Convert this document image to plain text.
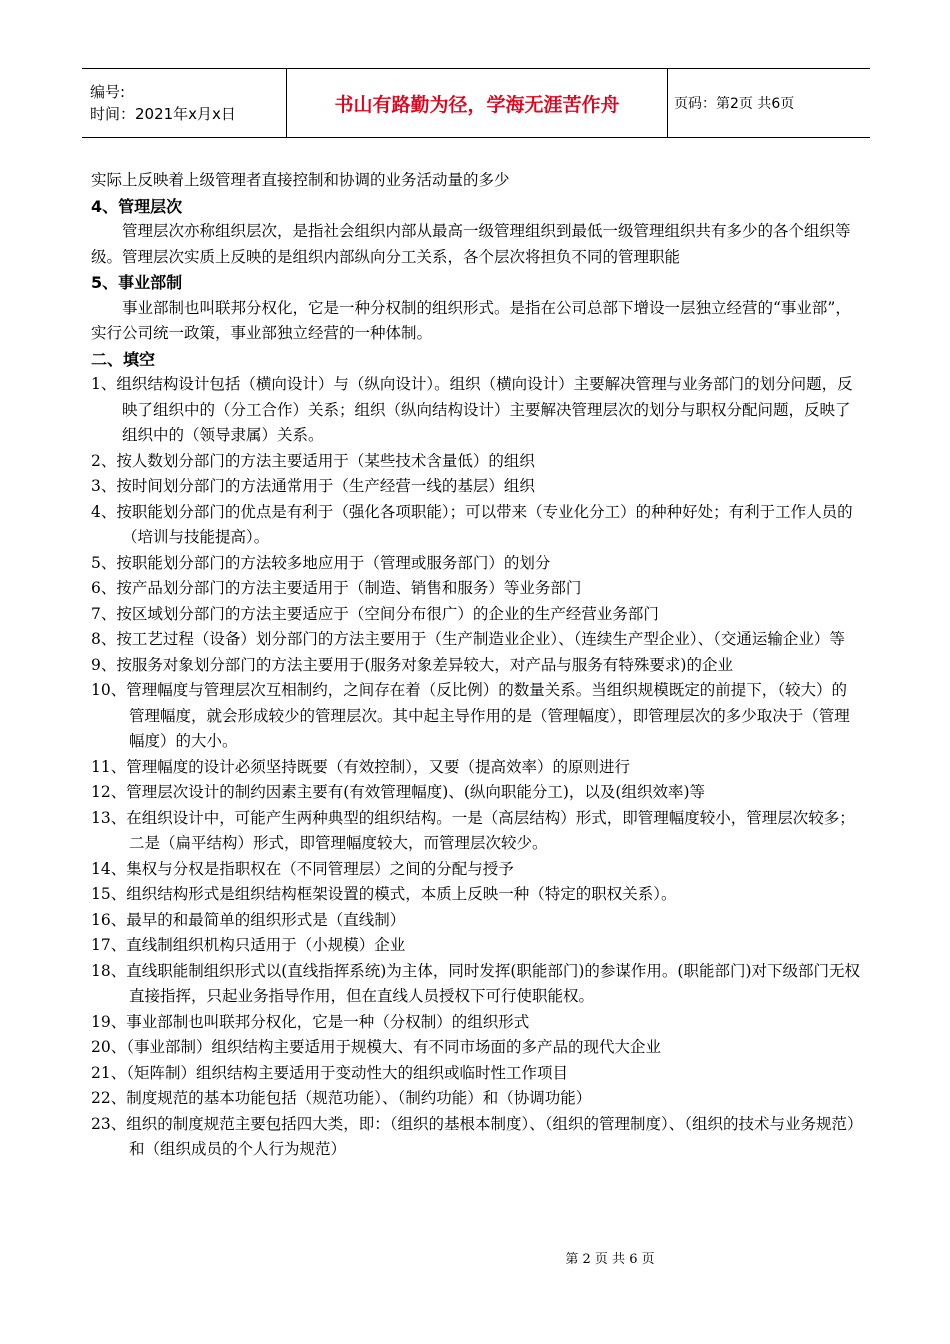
编号:
时间：2021年x月x日	书山有路勤为径，学海无涯苦作舟	页码：第2页 共6页

实际上反映着上级管理者直接控制和协调的业务活动量的多少

4、管理层次

管理层次亦称组织层次，是指社会组织内部从最高一级管理组织到最低一级管理组织共有多少的各个组织等级。管理层次实质上反映的是组织内部纵向分工关系，各个层次将担负不同的管理职能

5、事业部制

事业部制也叫联邦分权化，它是一种分权制的组织形式。是指在公司总部下增设一层独立经营的“事业部”，实行公司统一政策，事业部独立经营的一种体制。

二、填空

1、组织结构设计包括（横向设计）与（纵向设计）。组织（横向设计）主要解决管理与业务部门的划分问题，反映了组织中的（分工合作）关系；组织（纵向结构设计）主要解决管理层次的划分与职权分配问题，反映了组织中的（领导隶属）关系。

2、按人数划分部门的方法主要适用于（某些技术含量低）的组织

3、按时间划分部门的方法通常用于（生产经营一线的基层）组织

4、按职能划分部门的优点是有利于（强化各项职能）；可以带来（专业化分工）的种种好处；有利于工作人员的（培训与技能提高）。

5、按职能划分部门的方法较多地应用于（管理或服务部门）的划分

6、按产品划分部门的方法主要适用于（制造、销售和服务）等业务部门

7、按区域划分部门的方法主要适应于（空间分布很广）的企业的生产经营业务部门

8、按工艺过程（设备）划分部门的方法主要用于（生产制造业企业）、（连续生产型企业）、（交通运输企业）等

9、按服务对象划分部门的方法主要用于(服务对象差异较大，对产品与服务有特殊要求)的企业

10、管理幅度与管理层次互相制约，之间存在着（反比例）的数量关系。当组织规模既定的前提下，（较大）的管理幅度，就会形成较少的管理层次。其中起主导作用的是（管理幅度），即管理层次的多少取决于（管理幅度）的大小。

11、管理幅度的设计必须坚持既要（有效控制），又要（提高效率）的原则进行

12、管理层次设计的制约因素主要有(有效管理幅度)、(纵向职能分工)，以及(组织效率)等

13、在组织设计中，可能产生两种典型的组织结构。一是（高层结构）形式，即管理幅度较小，管理层次较多；二是（扁平结构）形式，即管理幅度较大，而管理层次较少。

14、集权与分权是指职权在（不同管理层）之间的分配与授予

15、组织结构形式是组织结构框架设置的模式，本质上反映一种（特定的职权关系）。

16、最早的和最简单的组织形式是（直线制）

17、直线制组织机构只适用于（小规模）企业

18、直线职能制组织形式以(直线指挥系统)为主体，同时发挥(职能部门)的参谋作用。(职能部门)对下级部门无权直接指挥，只起业务指导作用，但在直线人员授权下可行使职能权。

19、事业部制也叫联邦分权化，它是一种（分权制）的组织形式

20、（事业部制）组织结构主要适用于规模大、有不同市场面的多产品的现代大企业

21、（矩阵制）组织结构主要适用于变动性大的组织或临时性工作项目

22、制度规范的基本功能包括（规范功能）、（制约功能）和（协调功能）

23、组织的制度规范主要包括四大类，即：（组织的基根本制度）、（组织的管理制度）、（组织的技术与业务规范）和（组织成员的个人行为规范）

第 2 页 共 6 页
